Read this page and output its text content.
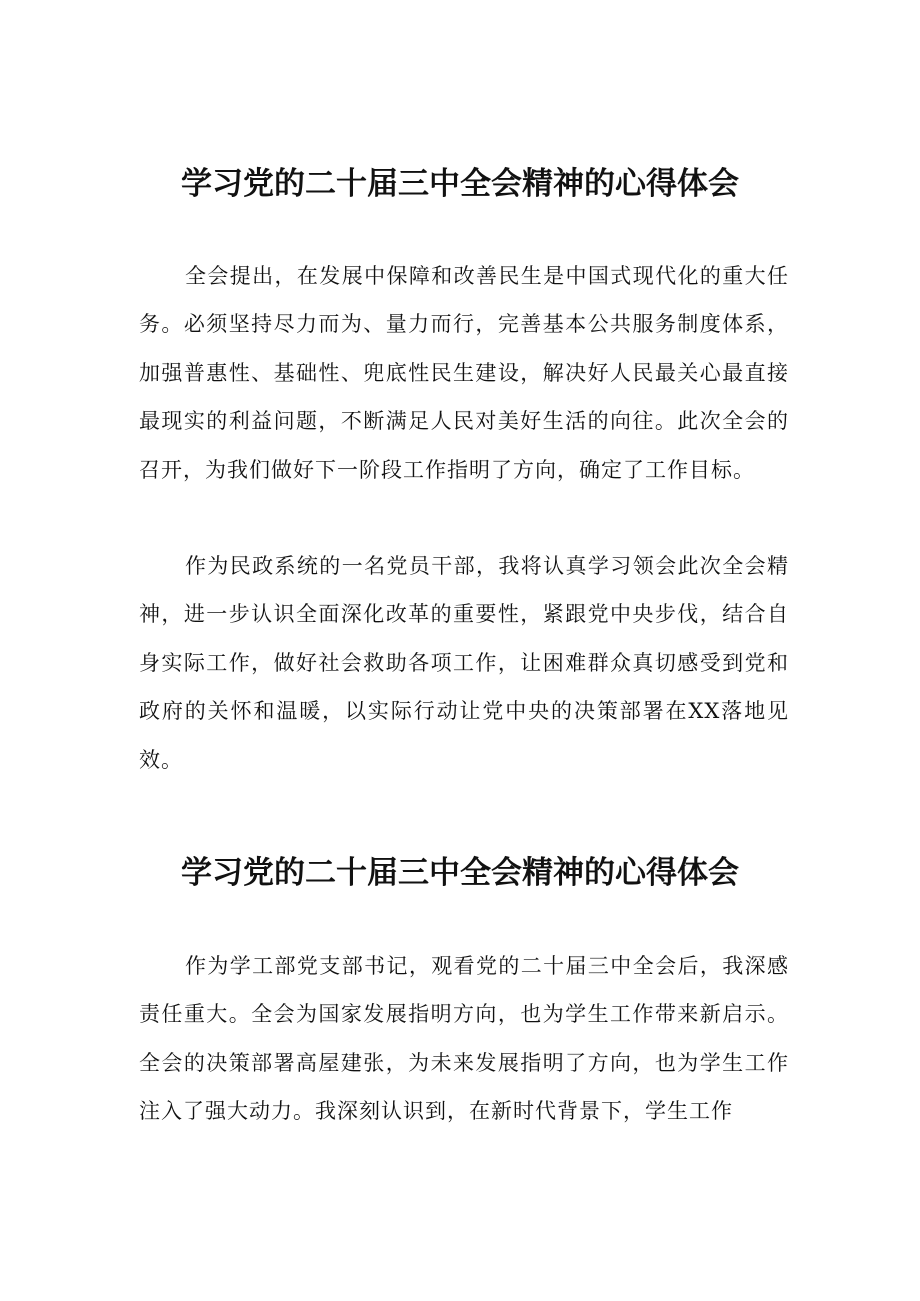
学习党的二十届三中全会精神的心得体会

全会提出，在发展中保障和改善民生是中国式现代化的重大任务。必须坚持尽力而为、量力而行，完善基本公共服务制度体系，加强普惠性、基础性、兜底性民生建设，解决好人民最关心最直接最现实的利益问题，不断满足人民对美好生活的向往。此次全会的召开，为我们做好下一阶段工作指明了方向，确定了工作目标。

作为民政系统的一名党员干部，我将认真学习领会此次全会精神，进一步认识全面深化改革的重要性，紧跟党中央步伐，结合自身实际工作，做好社会救助各项工作，让困难群众真切感受到党和政府的关怀和温暖，以实际行动让党中央的决策部署在XX落地见效。

学习党的二十届三中全会精神的心得体会

作为学工部党支部书记，观看党的二十届三中全会后，我深感责任重大。全会为国家发展指明方向，也为学生工作带来新启示。全会的决策部署高屋建张，为未来发展指明了方向，也为学生工作注入了强大动力。我深刻认识到，在新时代背景下，学生工作
